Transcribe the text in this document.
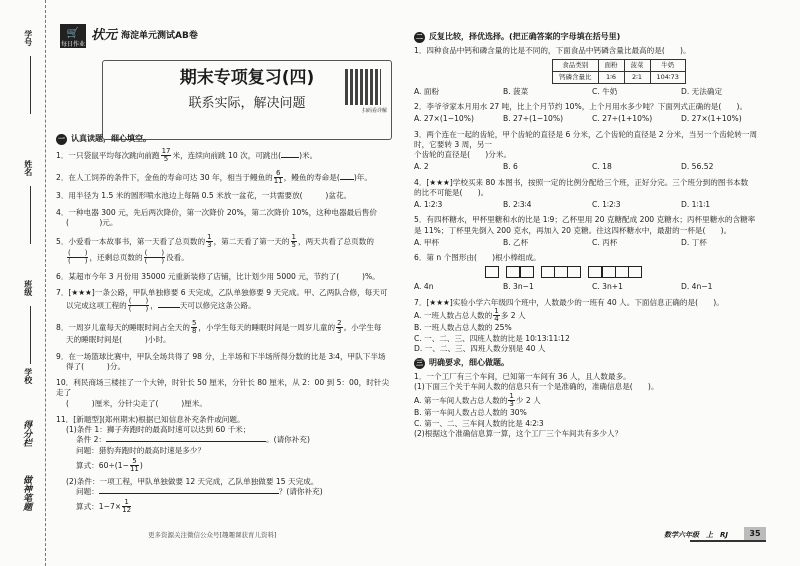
学号
姓名
班级
学校
得分栏
做神笔题
🛒
每日作业
状元 海淀单元测试AB卷
期末专项复习(四)
联系实际，解决问题
扫码看详解
一 认真读题，细心填空。
1．一只袋鼠平均每次跳向前跑 $\frac{17}{5}$ 米，连续向前跳 10 次，可跳出( )米。
2．在人工饲养的条件下，金鱼的寿命可达 30 年，相当于鳗鱼的 $\frac{6}{11}$ ，鳗鱼的寿命是( )年。
3．用半径为 1.5 米的圆形喷水池边上每隔 0.5 米放一盆花，一共需要放(　　　)盆花。
4．一种电器 300 元，先后两次降价，第一次降价 20%，第二次降价 10%，这种电器最后售价
(　　　　)元。
5．小爱看一本故事书，第一天看了总页数的 $\frac{1}{3}$ ，第二天看了第一天的 $\frac{1}{5}$ ，两天共看了总页数的
$\frac{( )}{( )}$ ，还剩总页数的 $\frac{( )}{( )}$ 没看。
6．某超市今年 3 月份用 35000 元重新装修了店铺，比计划少用 5000 元，节约了(　　　)%。
7．[★★★]一条公路，甲队单独修要 6 天完成，乙队单独修要 9 天完成。甲、乙两队合修，每天可
以完成这项工程的 $\frac{( )}{( )}$ ，	天可以修完这条公路。
8．一周岁儿童每天的睡眠时间占全天的 $\frac{5}{8}$ ，小学生每天的睡眠时间是一周岁儿童的 $\frac{2}{3}$ 。小学生每
天的睡眠时间是(　　　)小时。
9．在一场篮球比赛中，甲队全场共得了 98 分，上半场和下半场所得分数的比是 3∶4，甲队下半场
得了(　　　)分。
10．利民商场三楼挂了一个大钟，时针长 50 厘米，分针长 80 厘米，从 2：00 到 5：00，时针尖走了
(　　　)厘米，分针尖走了(　　　)厘米。
11．[新题型](郑州期末)根据已知信息补充条件或问题。
(1)条件 1：狮子奔跑时的最高时速可以达到 60 千米；
条件 2：	。(请你补充)
问题：猎豹奔跑时的最高时速是多少？
算式：$60\div(1- \frac{5}{11}$ )
(2)条件：一项工程，甲队单独做要 12 天完成，乙队单独做要 15 天完成。
问题：	？(请你补充)
算式：$1-7\times \frac{1}{12}$
二 反复比较，择优选择。(把正确答案的字母填在括号里)
1．四种食品中钙和磷含量的比是不同的，下面食品中钙磷含量比最高的是(　　)。
食品类别	面粉	菠菜	牛奶
钙磷含量比	1∶6	2∶1	104∶73
A. 面粉	B. 菠菜	C. 牛奶	D. 无法确定
2．李爷爷家本月用水 27 吨，比上个月节约 10%，上个月用水多少吨？下面列式正确的是(　　)。
A. 27×(1−10%)	B. 27÷(1−10%)	C. 27÷(1+10%)	D. 27×(1+10%)
3．两个连在一起的齿轮，甲个齿轮的直径是 6 分米，乙个齿轮的直径是 2 分米，当另一个齿轮转一周时，它要转 3 周，另一
个齿轮的直径是(　　)分米。
A. 2	B. 6	C. 18	D. 56.52
4．[★★★]学校买来 80 本图书，按照一定的比例分配给三个班，正好分完。三个班分到的图书本数
的比不可能是(　　)。
A. 1∶2∶3	B. 2∶3∶4	C. 1∶2∶3	D. 1∶1∶1
5．有四杯糖水，甲杯里糖和水的比是 1∶9；乙杯里用 20 克糖配成 200 克糖水；丙杯里糖水的含糖率
是 11%；丁杯里先倒入 200 克水，再加入 20 克糖。往这四杯糖水中，最甜的一杯是(　　)。
A. 甲杯	B. 乙杯	C. 丙杯	D. 丁杯
6．第 n 个图形由(　　)根小棒组成。
A. 4n	B. 3n−1	C. 3n+1	D. 4n−1
7．[★★★]实验小学六年级四个班中，人数最少的一班有 40 人。下面信息正确的是(　　)。
A. 一班人数占总人数的 $\frac{1}{4}$ 多 2 人
B. 一班人数占总人数的 25%
C. 一、二、三、四班人数的比是 10∶13∶11∶12
D. 一、二、三、四班人数分别是 40 人
三 明确要求，细心做题。
1．一个工厂有三个车间，已知第一车间有 36 人，且人数最多。
(1)下面三个关于车间人数的信息只有一个是准确的，准确信息是(　　)。
A. 第一车间人数占总人数的 $\frac{1}{3}$ 少 2 人
B. 第一车间人数占总人数的 30%
C. 第一、二、三车间人数的比是 4∶2∶3
(2)根据这个准确信息算一算，这个工厂三个车间共有多少人？
更多资源关注微信公众号[趣趣课获育儿资料]	数学六年级　上　RJ	35
